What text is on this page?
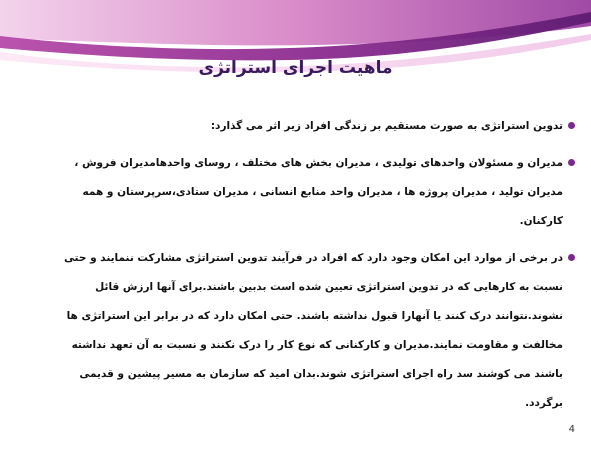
ماهیت اجرای استراتژی
تدوین استراتژی به صورت مستقیم بر زندگی افراد زیر اثر می گذارد:
مدیران و مسئولان واحدهای تولیدی ، مدیران بخش های مختلف ، روسای واحدهامدیران فروش ، مدیران تولید ، مدیران پروژه ها ، مدیران واحد منابع انسانی ، مدیران ستادی،سرپرستان و همه کارکنان.
در برخی از موارد این امکان وجود دارد که افراد در فرآیند تدوین استراتژی مشارکت ننمایند و حتی نسبت به کارهایی که در تدوین استراتژی تعیین شده است بدبین باشند.برای آنها ارزش قائل نشوند.نتوانند درک کنند یا آنهارا قبول نداشته باشند. حتی امکان دارد که در برابر این استراتژی ها مخالفت و مقاومت نمایند.مدیران و کارکنانی که نوع کار را درک نکنند و نسبت به آن تعهد نداشته باشند می کوشند سد راه اجرای استراتژی شوند.بدان امید که سازمان به مسیر پیشین و قدیمی برگردد.
4
